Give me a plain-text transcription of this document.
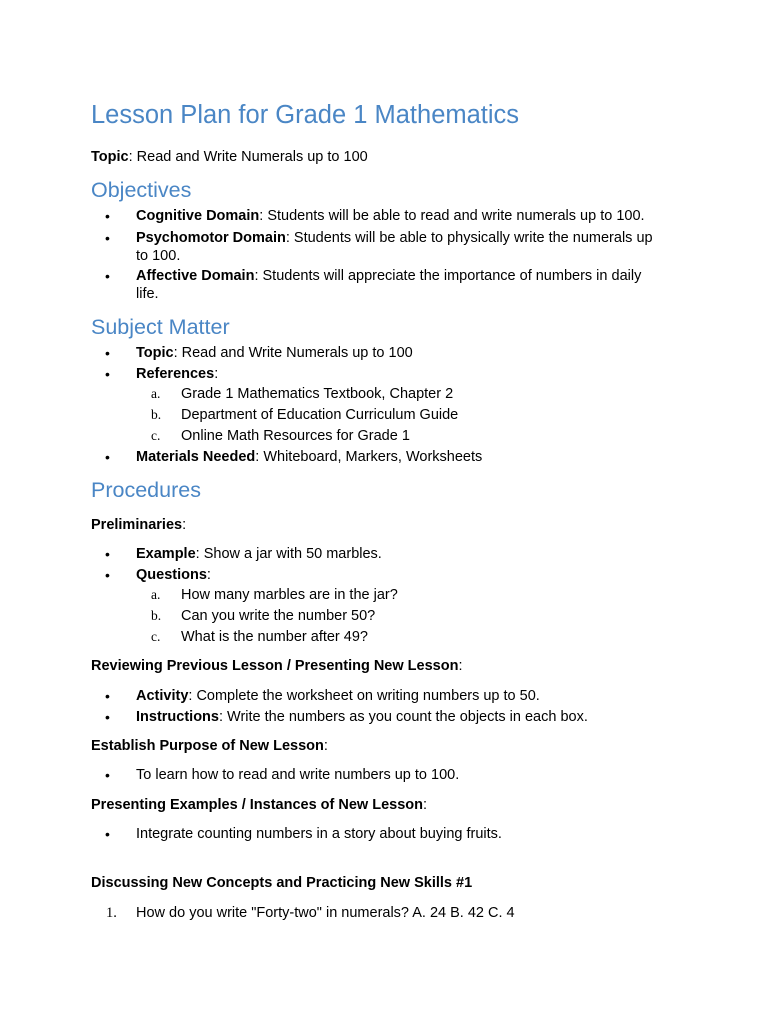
Lesson Plan for Grade 1 Mathematics

Topic: Read and Write Numerals up to 100

Objectives
• Cognitive Domain: Students will be able to read and write numerals up to 100.
• Psychomotor Domain: Students will be able to physically write the numerals up
to 100.
• Affective Domain: Students will appreciate the importance of numbers in daily
life.
Subject Matter
• Topic: Read and Write Numerals up to 100
• References:
a. Grade 1 Mathematics Textbook, Chapter 2
b. Department of Education Curriculum Guide
c. Online Math Resources for Grade 1
• Materials Needed: Whiteboard, Markers, Worksheets
Procedures

Preliminaries:

• Example: Show a jar with 50 marbles.
• Questions:
a. How many marbles are in the jar?
b. Can you write the number 50?
c. What is the number after 49?

Reviewing Previous Lesson / Presenting New Lesson:

• Activity: Complete the worksheet on writing numbers up to 50.
• Instructions: Write the numbers as you count the objects in each box.

Establish Purpose of New Lesson:

• To learn how to read and write numbers up to 100.

Presenting Examples / Instances of New Lesson:

• Integrate counting numbers in a story about buying fruits.

Discussing New Concepts and Practicing New Skills #1

1. How do you write "Forty-two" in numerals? A. 24 B. 42 C. 4
